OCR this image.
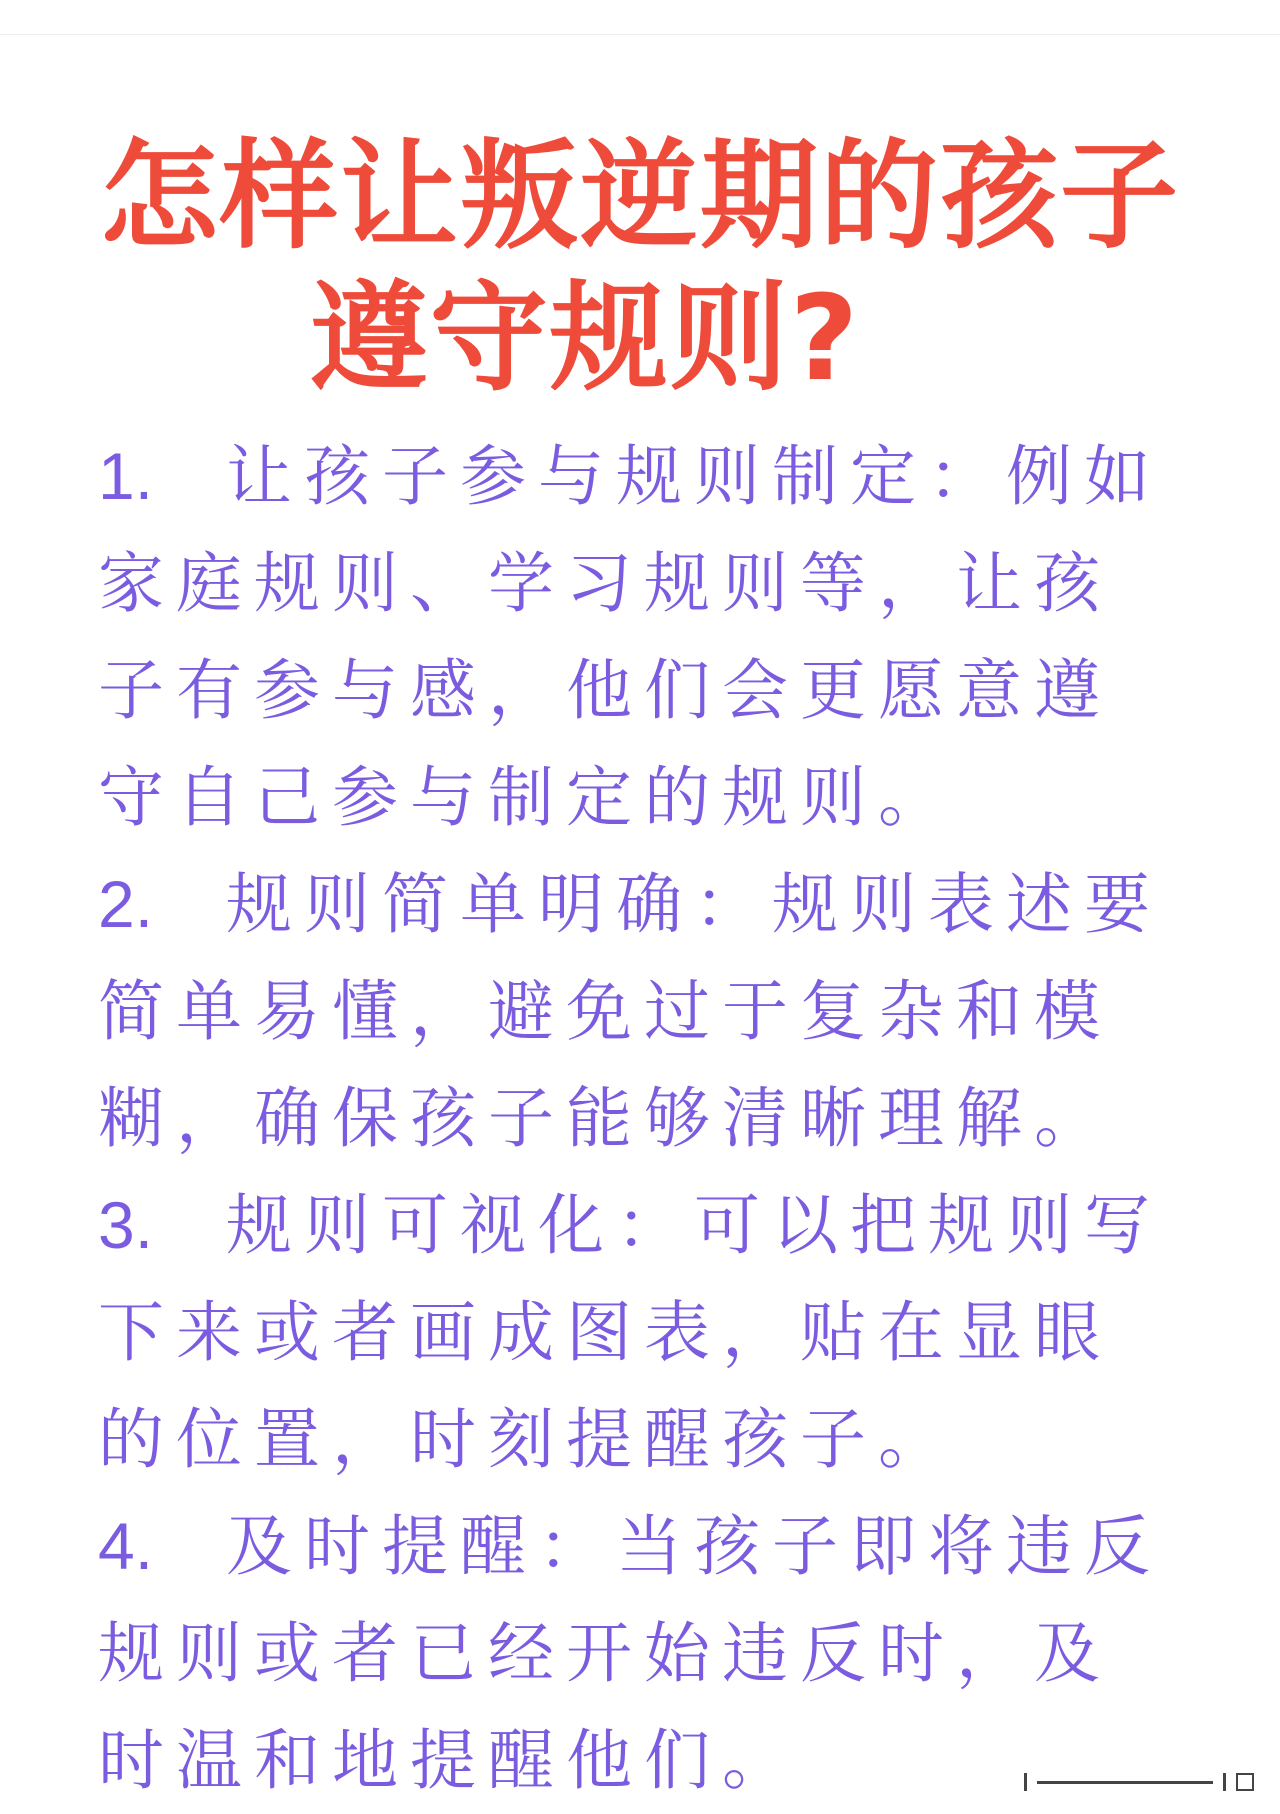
怎样让叛逆期的孩子
遵守规则?

1. 让孩子参与规则制定：例如家庭规则、学习规则等，让孩子有参与感，他们会更愿意遵守自己参与制定的规则。

2. 规则简单明确：规则表述要简单易懂，避免过于复杂和模糊，确保孩子能够清晰理解。

3. 规则可视化：可以把规则写下来或者画成图表，贴在显眼的位置，时刻提醒孩子。

4. 及时提醒：当孩子即将违反规则或者已经开始违反时，及时温和地提醒他们。
